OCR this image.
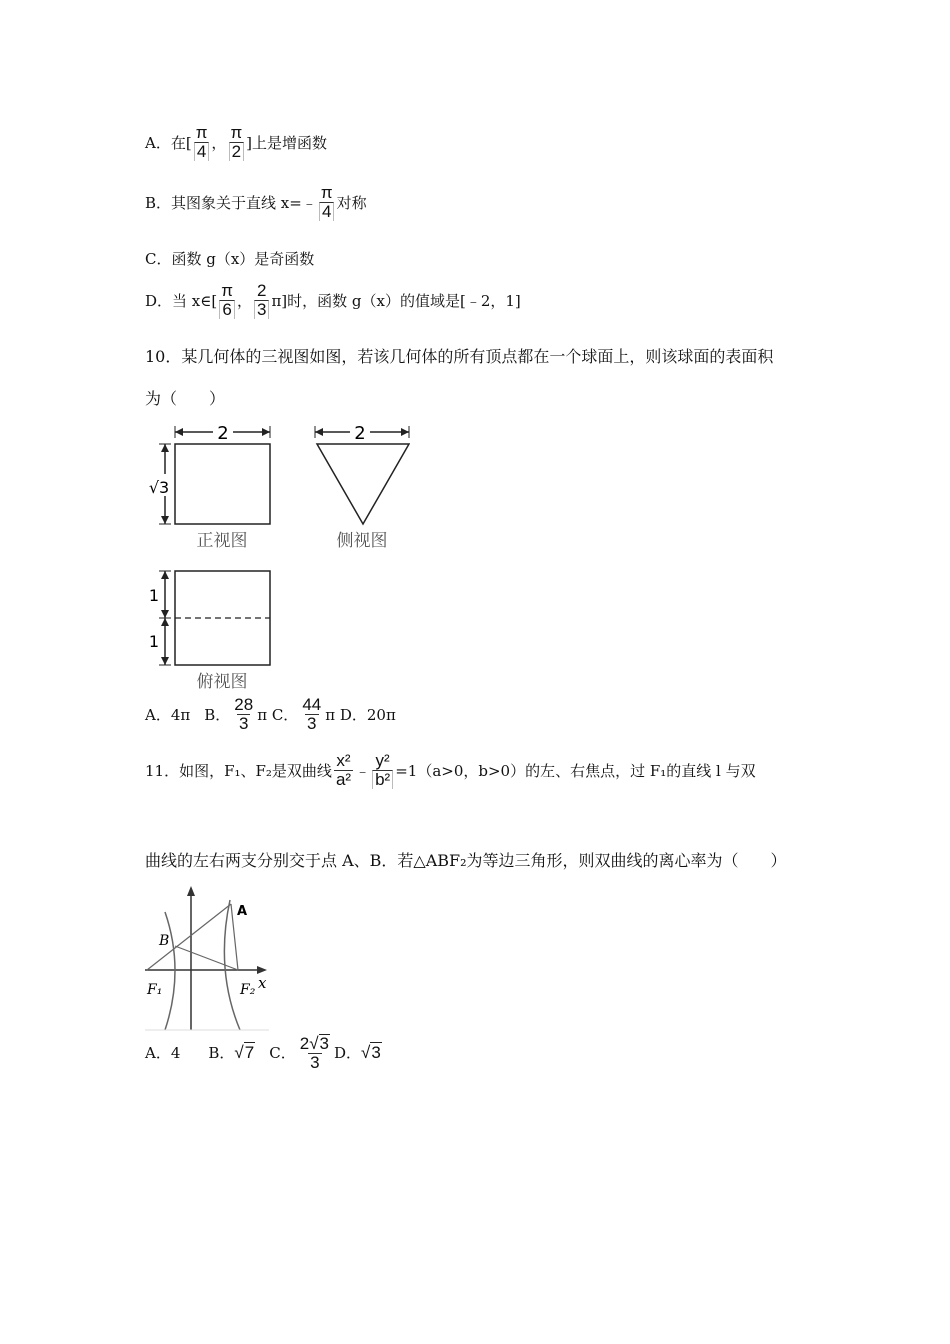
A．在[ $\frac{\pi}{4}$ ， $\frac{\pi}{2}$ ]上是增函数
B．其图象关于直线 x=﹣ $\frac{\pi}{4}$ 对称
C．函数 g（x）是奇函数
D．当 x∈[ $\frac{\pi}{6}$ ， $\frac{2}{3} \pi$]时，函数 g（x）的值域是[﹣2，1]
10．某几何体的三视图如图，若该几何体的所有顶点都在一个球面上，则该球面的表面积
为（　　）
2
√3
正视图
2
侧视图
1
1
俯视图
A．4π B． $\frac{28}{3}$ π C． $\frac{44}{3}$ π D．20π
11．如图，F₁、F₂是双曲线 $\frac{\text{x²}}{\text{a²}}$ ﹣ $\frac{\text{y²}}{\text{b²}} =1(a>0$，b>0）的左、右焦点，过 F₁的直线 l 与双
曲线的左右两支分别交于点 A、B．若△ABF₂为等边三角形，则双曲线的离心率为（　　）
x
A
B
F₁	F₂
A．4 B． √ 7 C． $\frac{2 √ 3}{3}$ D． √ 3
